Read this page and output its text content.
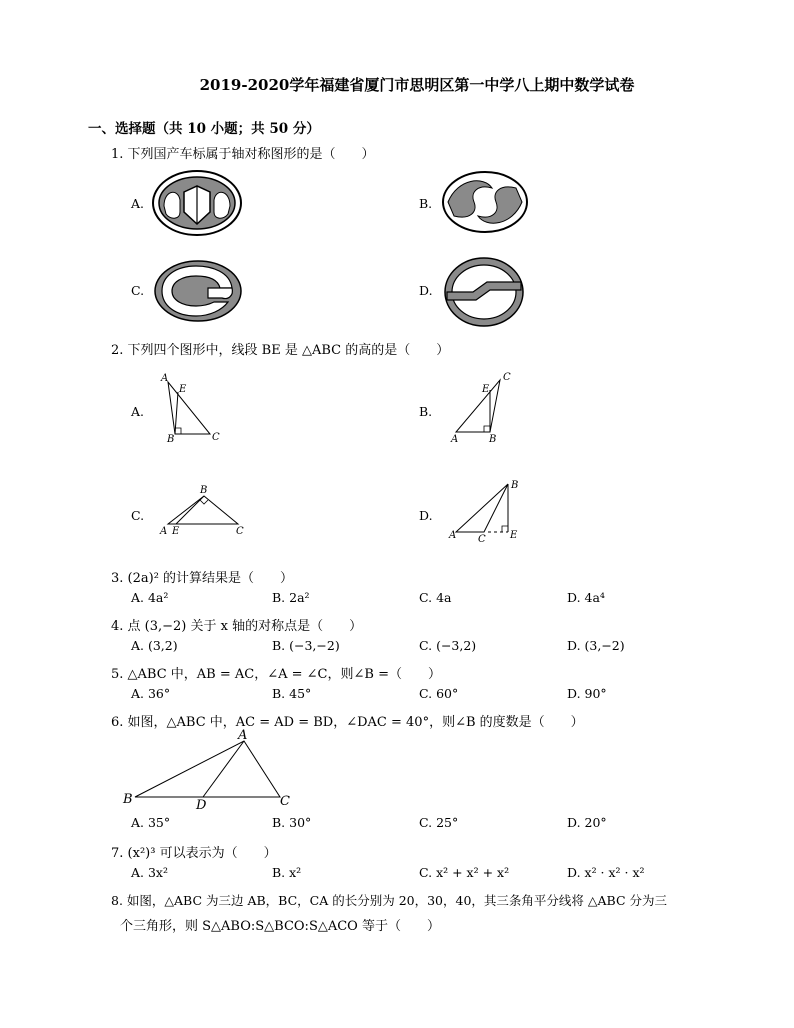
2019-2020学年福建省厦门市思明区第一中学八上期中数学试卷
一、选择题（共 10 小题；共 50 分）
1. 下列国产车标属于轴对称图形的是（　　）
A.	B.
C.	D.
2. 下列四个图形中，线段 BE 是 △ABC 的高的是（　　）
A.	B.
C.	D.
A
E
B	C
E
C
A	B
B
A E	C
B
A C E
3. (2a)² 的计算结果是（　　）
A. 4a²	B. 2a²	C. 4a	D. 4a⁴
4. 点 (3,−2) 关于 x 轴的对称点是（　　）
A. (3,2)	B. (−3,−2)	C. (−3,2)	D. (3,−2)
5. △ABC 中，AB = AC，∠A = ∠C，则∠B =（　　）
A. 36°	B. 45°	C. 60°	D. 90°
6. 如图，△ABC 中，AC = AD = BD，∠DAC = 40°，则∠B 的度数是（　　）
A
B	D	C
A. 35°	B. 30°	C. 25°	D. 20°
7. (x²)³ 可以表示为（　　）
A. 3x²	B. x²	C. x² + x² + x²	D. x² · x² · x²
8. 如图，△ABC 为三边 AB，BC，CA 的长分别为 20，30，40，其三条角平分线将 △ABC 分为三
个三角形，则 S△ABO:S△BCO:S△ACO 等于（　　）
